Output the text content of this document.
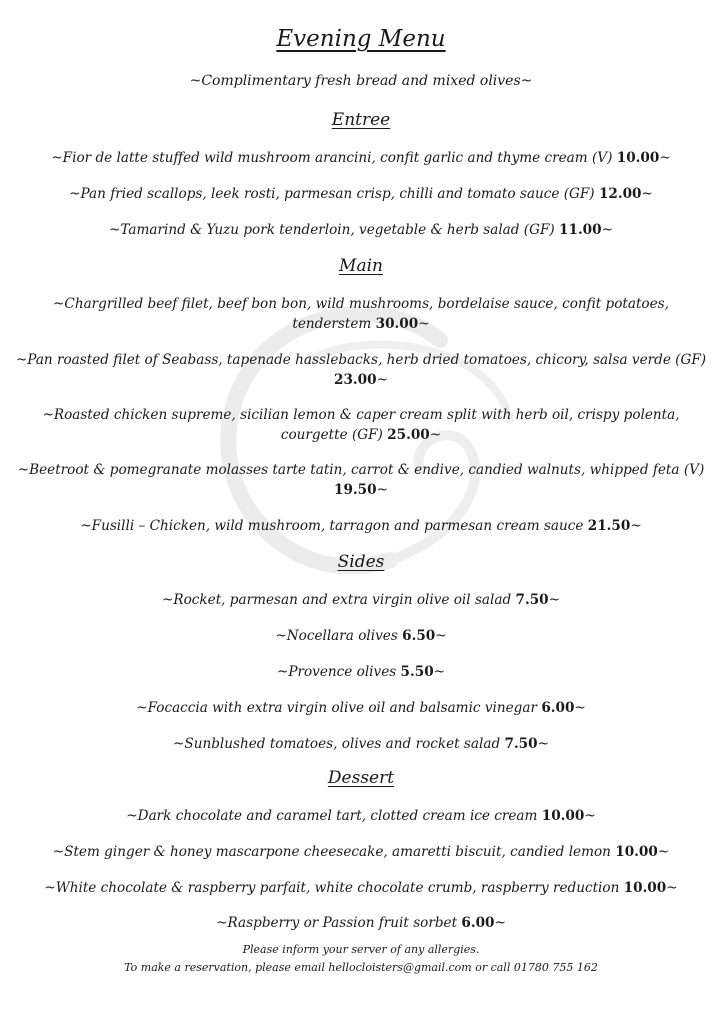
Evening Menu
~Complimentary fresh bread and mixed olives~
Entree
~Fior de latte stuffed wild mushroom arancini, confit garlic and thyme cream (V) 10.00~
~Pan fried scallops, leek rosti, parmesan crisp, chilli and tomato sauce (GF) 12.00~
~Tamarind & Yuzu pork tenderloin, vegetable & herb salad (GF) 11.00~
Main
~Chargrilled beef filet, beef bon bon, wild mushrooms, bordelaise sauce, confit potatoes, tenderstem 30.00~
~Pan roasted filet of Seabass, tapenade hasslebacks, herb dried tomatoes, chicory, salsa verde (GF) 23.00~
~Roasted chicken supreme, sicilian lemon & caper cream split with herb oil, crispy polenta, courgette (GF) 25.00~
~Beetroot & pomegranate molasses tarte tatin, carrot & endive, candied walnuts, whipped feta (V) 19.50~
~Fusilli – Chicken, wild mushroom, tarragon and parmesan cream sauce 21.50~
Sides
~Rocket, parmesan and extra virgin olive oil salad 7.50~
~Nocellara olives 6.50~
~Provence olives 5.50~
~Focaccia with extra virgin olive oil and balsamic vinegar 6.00~
~Sunblushed tomatoes, olives and rocket salad 7.50~
Dessert
~Dark chocolate and caramel tart, clotted cream ice cream 10.00~
~Stem ginger & honey mascarpone cheesecake, amaretti biscuit, candied lemon 10.00~
~White chocolate & raspberry parfait, white chocolate crumb, raspberry reduction 10.00~
~Raspberry or Passion fruit sorbet 6.00~
Please inform your server of any allergies.
To make a reservation, please email hellocloisters@gmail.com or call 01780 755 162
